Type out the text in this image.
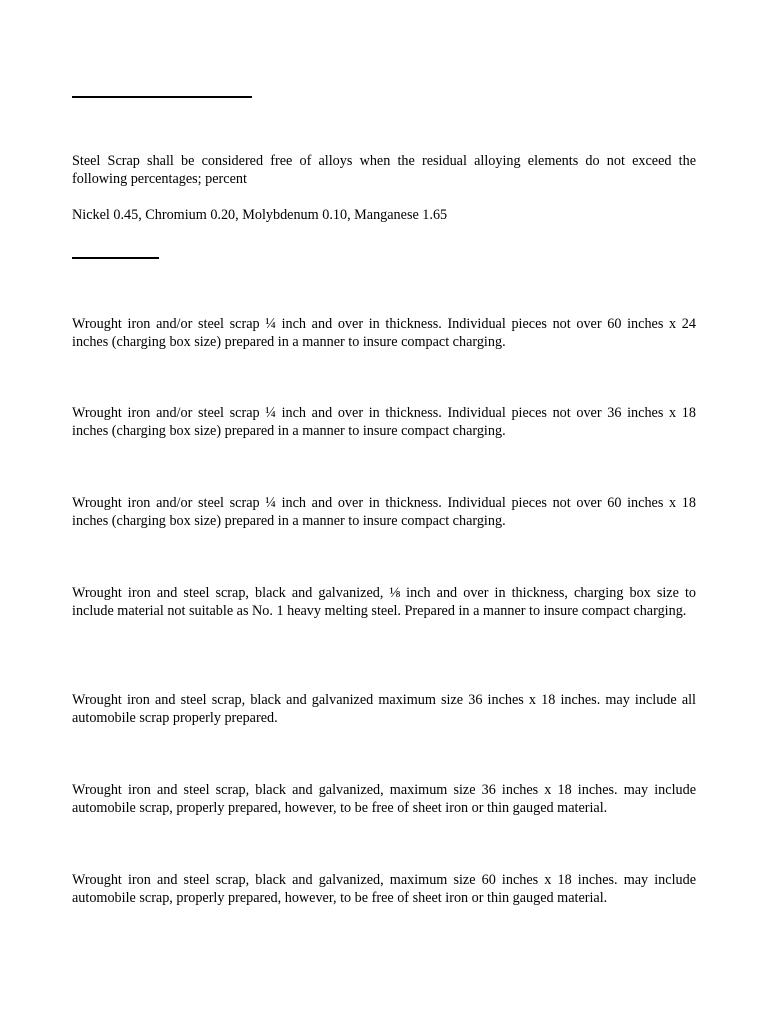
Steel Scrap shall be considered free of alloys when the residual alloying elements do not exceed the following percentages; percent

Nickel 0.45, Chromium 0.20, Molybdenum 0.10, Manganese 1.65

Wrought iron and/or steel scrap ¼ inch and over in thickness. Individual pieces not over 60 inches x 24 inches (charging box size) prepared in a manner to insure compact charging.

Wrought iron and/or steel scrap ¼ inch and over in thickness. Individual pieces not over 36 inches x 18 inches (charging box size) prepared in a manner to insure compact charging.

Wrought iron and/or steel scrap ¼ inch and over in thickness. Individual pieces not over 60 inches x 18 inches (charging box size) prepared in a manner to insure compact charging.

Wrought iron and steel scrap, black and galvanized, ⅛ inch and over in thickness, charging box size to include material not suitable as No. 1 heavy melting steel. Prepared in a manner to insure compact charging.

Wrought iron and steel scrap, black and galvanized maximum size 36 inches x 18 inches. may include all automobile scrap properly prepared.

Wrought iron and steel scrap, black and galvanized, maximum size 36 inches x 18 inches. may include automobile scrap, properly prepared, however, to be free of sheet iron or thin gauged material.

Wrought iron and steel scrap, black and galvanized, maximum size 60 inches x 18 inches. may include automobile scrap, properly prepared, however, to be free of sheet iron or thin gauged material.
